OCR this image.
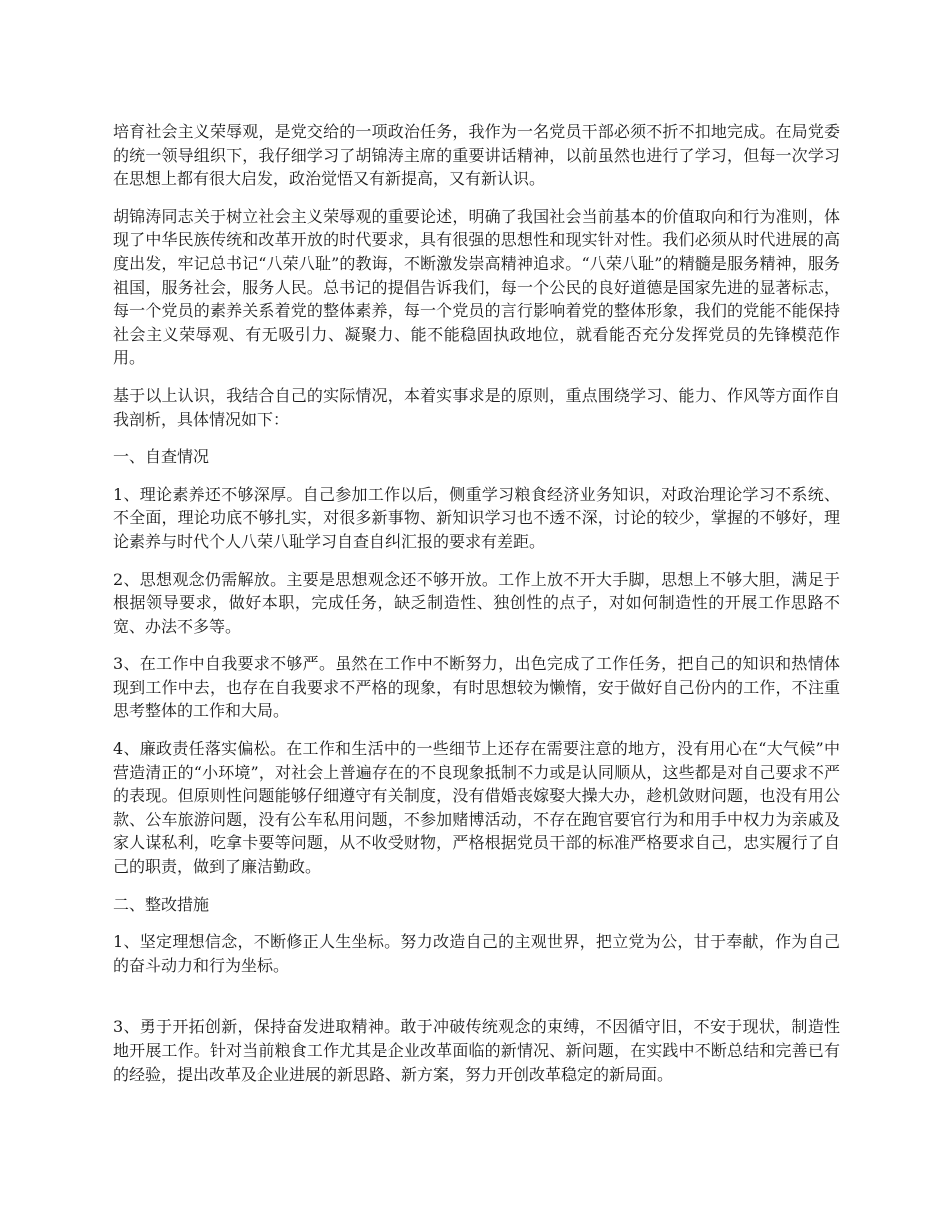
培育社会主义荣辱观，是党交给的一项政治任务，我作为一名党员干部必须不折不扣地完成。在局党委的统一领导组织下，我仔细学习了胡锦涛主席的重要讲话精神，以前虽然也进行了学习，但每一次学习在思想上都有很大启发，政治觉悟又有新提高，又有新认识。

胡锦涛同志关于树立社会主义荣辱观的重要论述，明确了我国社会当前基本的价值取向和行为准则，体现了中华民族传统和改革开放的时代要求，具有很强的思想性和现实针对性。我们必须从时代进展的高度出发，牢记总书记“八荣八耻”的教诲，不断激发崇高精神追求。“八荣八耻”的精髓是服务精神，服务祖国，服务社会，服务人民。总书记的提倡告诉我们，每一个公民的良好道德是国家先进的显著标志，每一个党员的素养关系着党的整体素养，每一个党员的言行影响着党的整体形象，我们的党能不能保持社会主义荣辱观、有无吸引力、凝聚力、能不能稳固执政地位，就看能否充分发挥党员的先锋模范作用。

基于以上认识，我结合自己的实际情况，本着实事求是的原则，重点围绕学习、能力、作风等方面作自我剖析，具体情况如下：

一、自查情况

1、理论素养还不够深厚。自己参加工作以后，侧重学习粮食经济业务知识，对政治理论学习不系统、不全面，理论功底不够扎实，对很多新事物、新知识学习也不透不深，讨论的较少，掌握的不够好，理论素养与时代个人八荣八耻学习自查自纠汇报的要求有差距。

2、思想观念仍需解放。主要是思想观念还不够开放。工作上放不开大手脚，思想上不够大胆，满足于根据领导要求，做好本职，完成任务，缺乏制造性、独创性的点子，对如何制造性的开展工作思路不宽、办法不多等。

3、在工作中自我要求不够严。虽然在工作中不断努力，出色完成了工作任务，把自己的知识和热情体现到工作中去，也存在自我要求不严格的现象，有时思想较为懒惰，安于做好自己份内的工作，不注重思考整体的工作和大局。

4、廉政责任落实偏松。在工作和生活中的一些细节上还存在需要注意的地方，没有用心在“大气候”中营造清正的“小环境”，对社会上普遍存在的不良现象抵制不力或是认同顺从，这些都是对自己要求不严的表现。但原则性问题能够仔细遵守有关制度，没有借婚丧嫁娶大操大办，趁机敛财问题，也没有用公款、公车旅游问题，没有公车私用问题，不参加赌博活动，不存在跑官要官行为和用手中权力为亲戚及家人谋私利，吃拿卡要等问题，从不收受财物，严格根据党员干部的标准严格要求自己，忠实履行了自己的职责，做到了廉洁勤政。

二、整改措施

1、坚定理想信念，不断修正人生坐标。努力改造自己的主观世界，把立党为公，甘于奉献，作为自己的奋斗动力和行为坐标。

3、勇于开拓创新，保持奋发进取精神。敢于冲破传统观念的束缚，不因循守旧，不安于现状，制造性地开展工作。针对当前粮食工作尤其是企业改革面临的新情况、新问题，在实践中不断总结和完善已有的经验，提出改革及企业进展的新思路、新方案，努力开创改革稳定的新局面。
